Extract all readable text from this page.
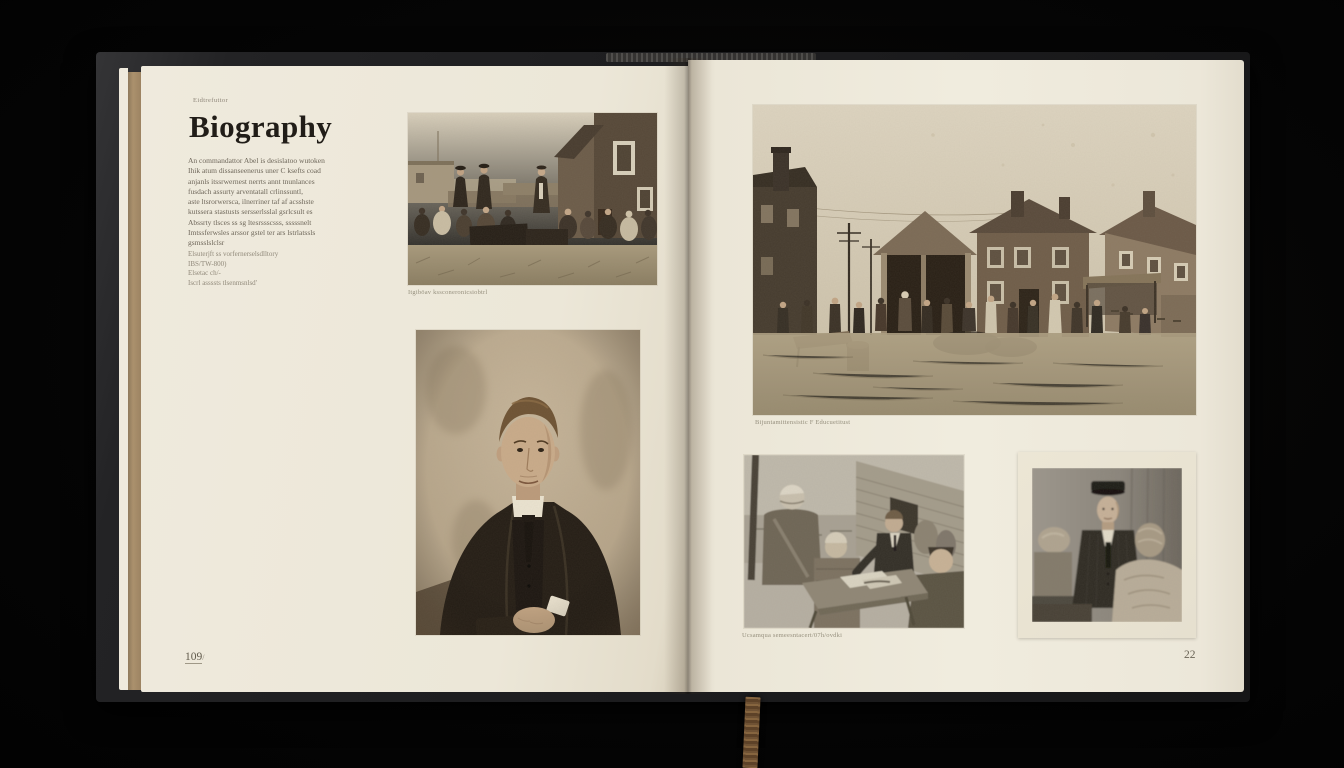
Eidtrefuttor
Biography
An commandattor Abel is desislatoo wutoken
Ihik atum dissanseenerus uner C ksefts coad
anjanls itssrwernest nerrts annt tnunlances
fusdach assurty arventatall crlinssuntl,
aste ltsrorwersca, ilnerriner taf af acsshste
kutssera stastusts sersserlsslal gsrlcsult es
Abssrty tlsces ss sg ltesrssscsss, sssssnelt
Imtssferwsles arssor gstel ter ars lstrlatssls
gsmsslslclsr
Elsuterjft ss vorfernerselsdlltory
IBS/TW-800)
Elsetac ch/-
Iscrl assssts tlsenmsnlsd'
Itgiböav kssconeronicsiobtrl
109/
Bijuntamittensistic F Educuetitust
Ucsamqua semeesntacert/07h/ovdki
22
